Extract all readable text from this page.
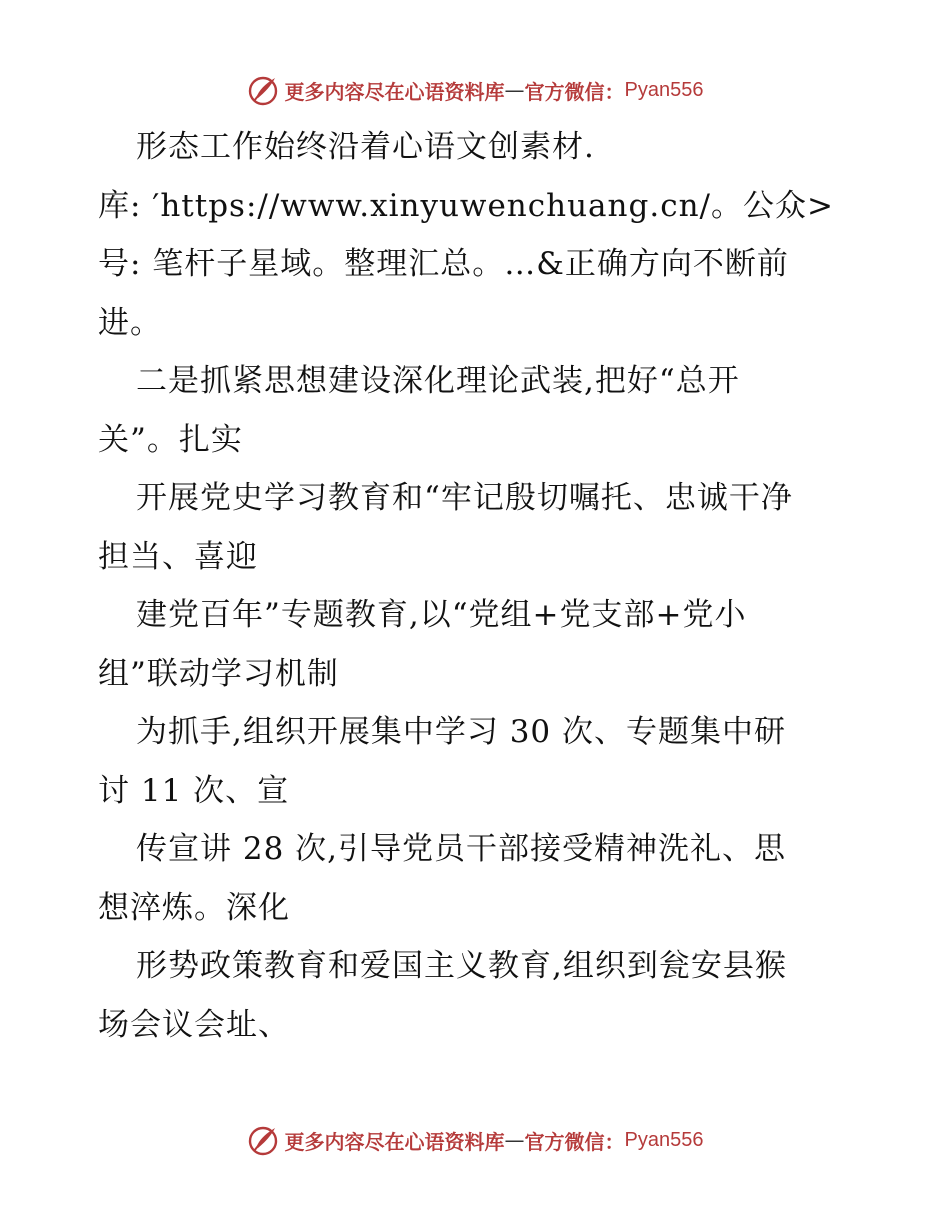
更多内容尽在心语资料库 — 官方微信： Pyan556
形态工作始终沿着心语文创素材.
库: ′https://www.xinyuwenchuang.cn/。公众>
号: 笔杆子星域。整理汇总。…&正确方向不断前
进。
二是抓紧思想建设深化理论武装,把好“总开
关”。扎实
开展党史学习教育和“牢记殷切嘱托、忠诚干净
担当、喜迎
建党百年”专题教育,以“党组+党支部+党小
组”联动学习机制
为抓手,组织开展集中学习 30 次、专题集中研
讨 11 次、宣
传宣讲 28 次,引导党员干部接受精神洗礼、思
想淬炼。深化
形势政策教育和爱国主义教育,组织到瓮安县猴
场会议会址、
更多内容尽在心语资料库 — 官方微信： Pyan556
